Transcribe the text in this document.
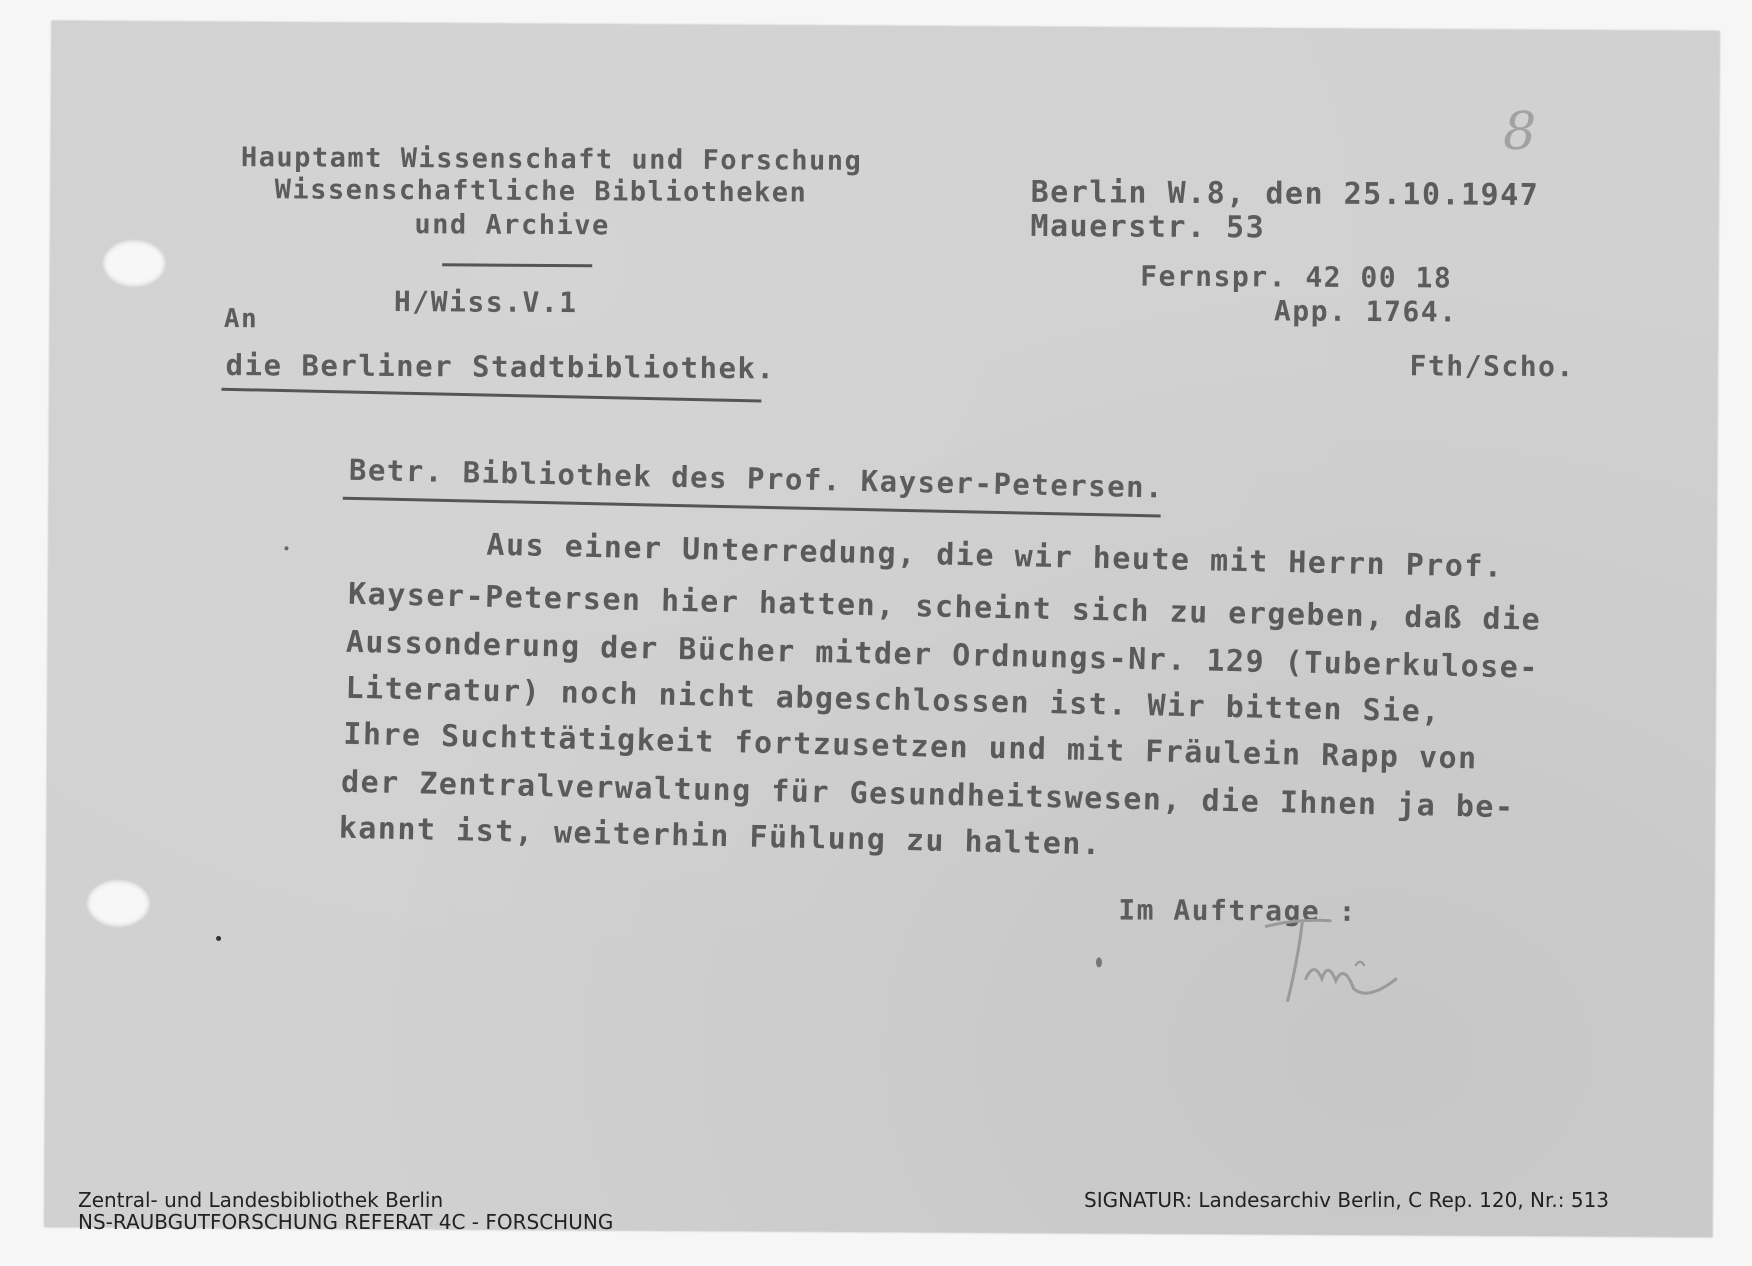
Hauptamt Wissenschaft und Forschung
Wissenschaftliche Bibliotheken
und Archive
H/Wiss.V.1
Berlin W.8, den 25.10.1947
Mauerstr. 53
Fernspr. 42 00 18
App. 1764.
Fth/Scho.
8
An
die Berliner Stadtbibliothek.
Betr. Bibliothek des Prof. Kayser-Petersen.
Aus einer Unterredung, die wir heute mit Herrn Prof.
Kayser-Petersen hier hatten, scheint sich zu ergeben, daß die
Aussonderung der Bücher mitder Ordnungs-Nr. 129 (Tuberkulose-
Literatur) noch nicht abgeschlossen ist. Wir bitten Sie,
Ihre Suchttätigkeit fortzusetzen und mit Fräulein Rapp von
der Zentralverwaltung für Gesundheitswesen, die Ihnen ja be-
kannt ist, weiterhin Fühlung zu halten.
Im Auftrage :
Zentral- und Landesbibliothek Berlin
NS-RAUBGUTFORSCHUNG REFERAT 4C - FORSCHUNG
SIGNATUR: Landesarchiv Berlin, C Rep. 120, Nr.: 513
